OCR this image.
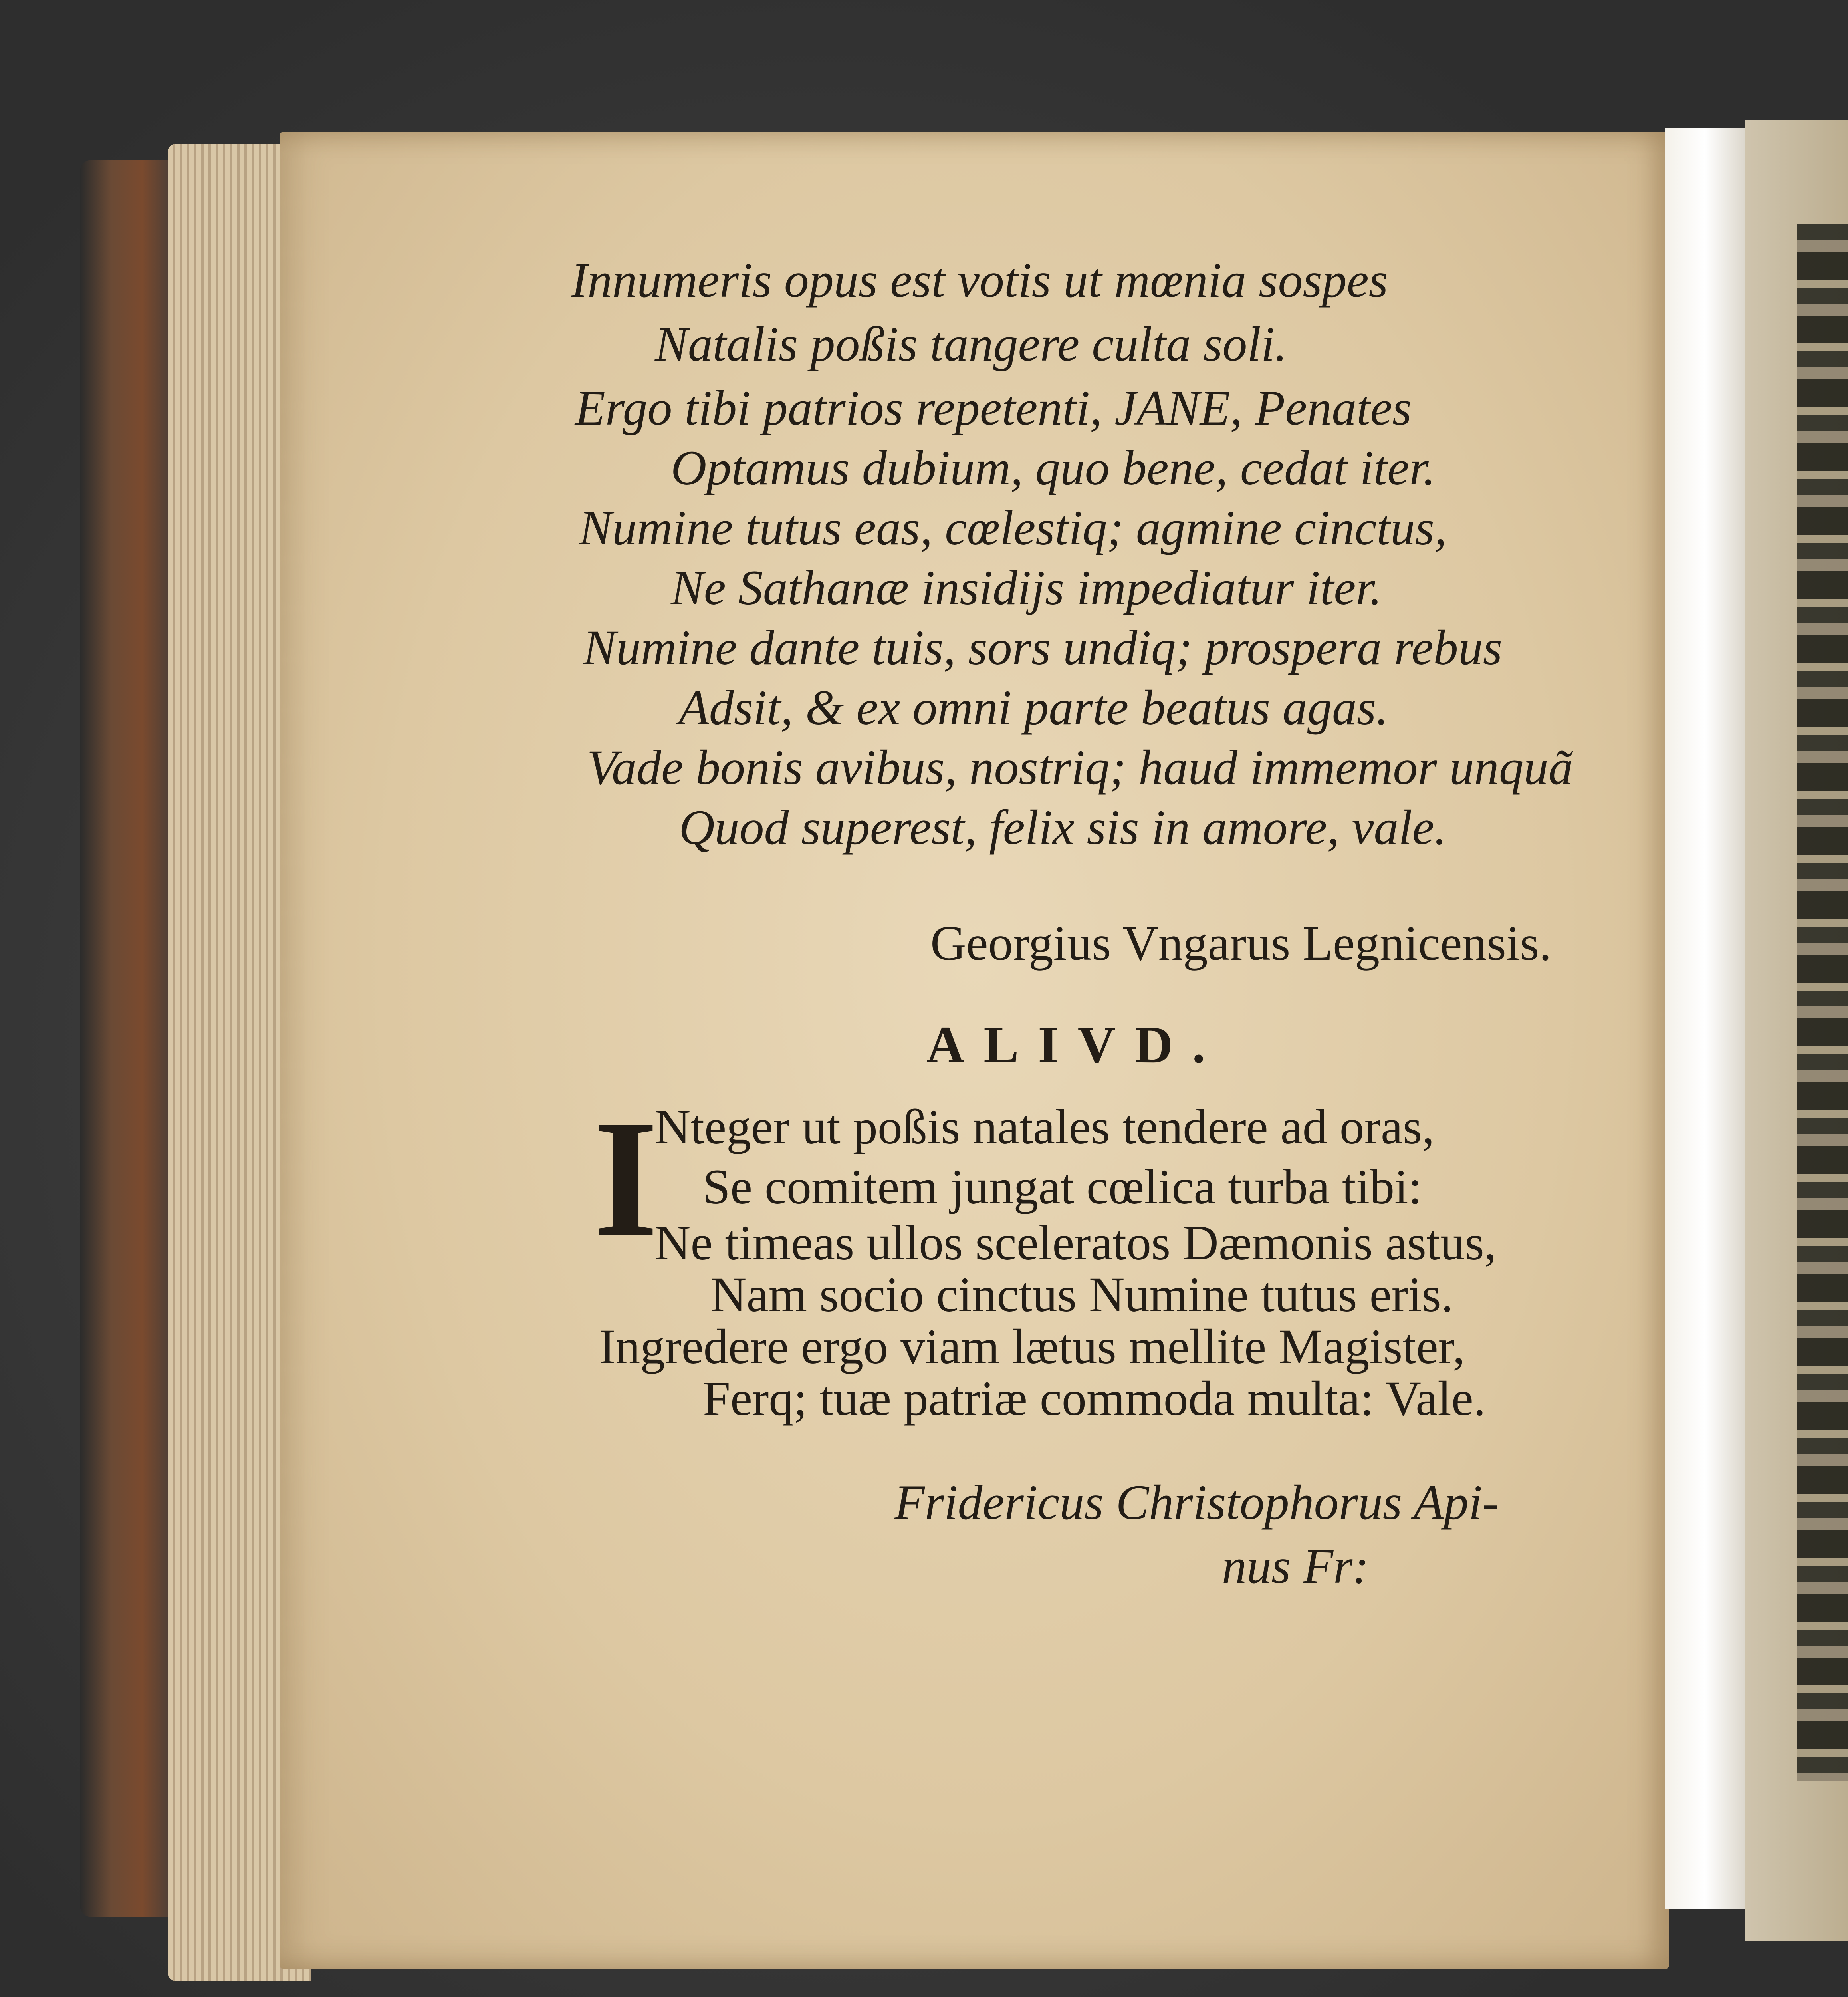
Innumeris opus est votis ut mœnia sospes
Natalis poßis tangere culta soli.
Ergo tibi patrios repetenti, JANE, Penates
Optamus dubium, quo bene, cedat iter.
Numine tutus eas, cœlestiq; agmine cinctus,
Ne Sathanæ insidijs impediatur iter.
Numine dante tuis, sors undiq; prospera rebus
Adsit, & ex omni parte beatus agas.
Vade bonis avibus, nostriq; haud immemor unquã
Quod superest, felix sis in amore, vale.
Georgius Vngarus Legnicensis.
ALIVD.
I
Nteger ut poßis natales tendere ad oras,
Se comitem jungat cœlica turba tibi:
Ne timeas ullos sceleratos Dæmonis astus,
Nam socio cinctus Numine tutus eris.
Ingredere ergo viam lætus mellite Magister,
Ferq; tuæ patriæ commoda multa: Vale.
Fridericus Christophorus Api-
nus Fr:
